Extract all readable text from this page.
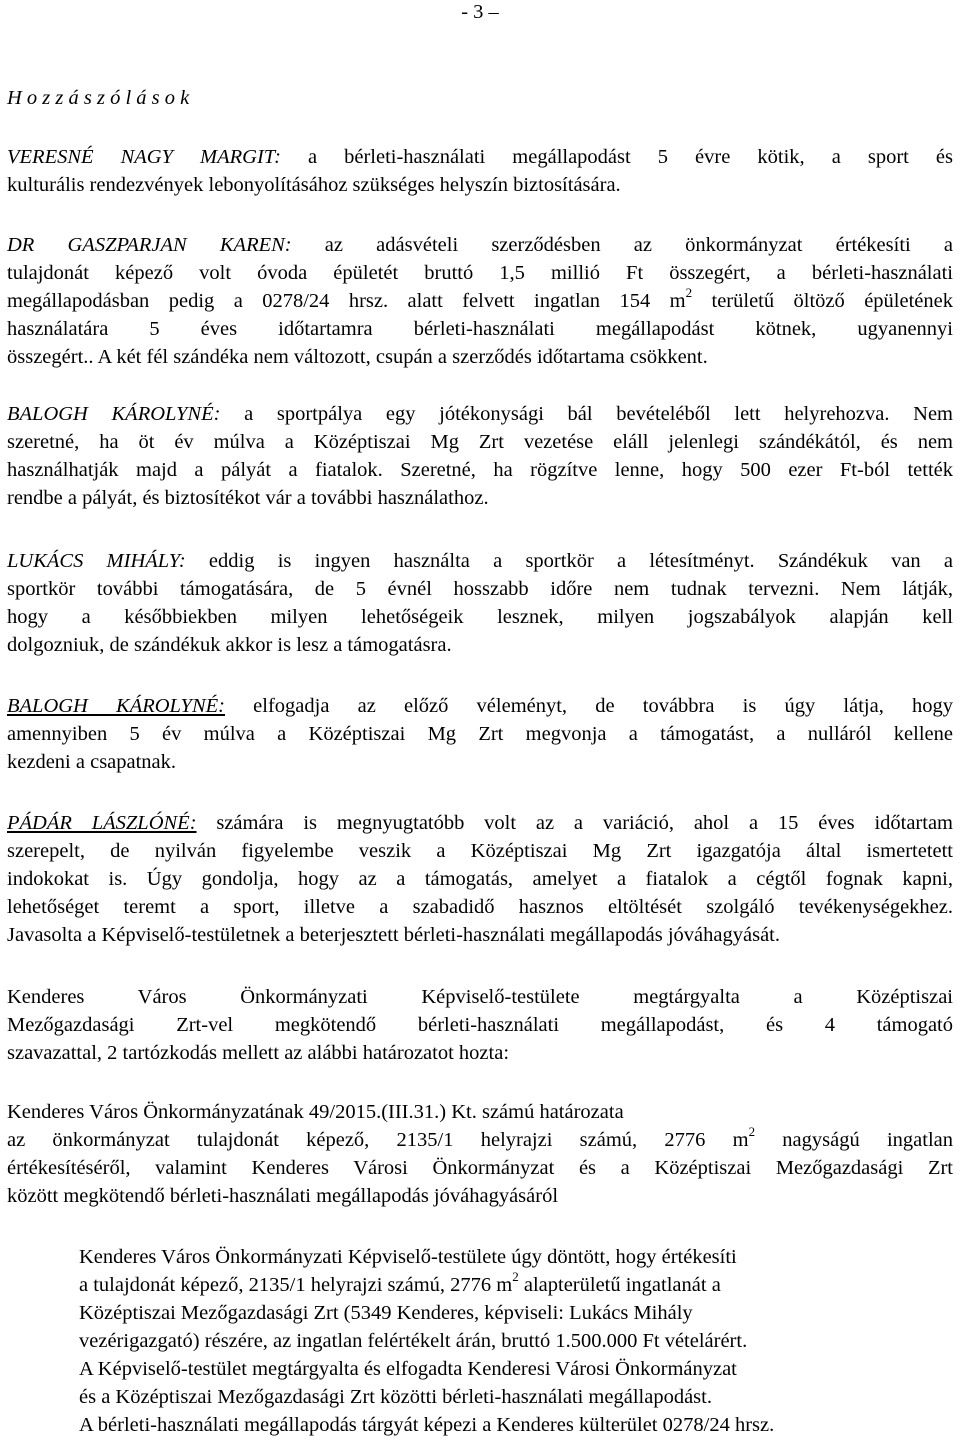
- 3 –
H o z z á s z ó l á s o k
VERESNÉ NAGY MARGIT: a bérleti-használati megállapodást 5 évre kötik, a sport és
kulturális rendezvények lebonyolításához szükséges helyszín biztosítására.
DR GASZPARJAN KAREN: az adásvételi szerződésben az önkormányzat értékesíti a
tulajdonát képező volt óvoda épületét bruttó 1,5 millió Ft összegért, a bérleti-használati
megállapodásban pedig a 0278/24 hrsz. alatt felvett ingatlan 154 $m^2$ területű öltöző épületének
használatára 5 éves időtartamra bérleti-használati megállapodást kötnek, ugyanennyi
összegért.. A két fél szándéka nem változott, csupán a szerződés időtartama csökkent.
BALOGH KÁROLYNÉ: a sportpálya egy jótékonysági bál bevételéből lett helyrehozva. Nem
szeretné, ha öt év múlva a Középtiszai Mg Zrt vezetése eláll jelenlegi szándékától, és nem
használhatják majd a pályát a fiatalok. Szeretné, ha rögzítve lenne, hogy 500 ezer Ft-ból tették
rendbe a pályát, és biztosítékot vár a további használathoz.
LUKÁCS MIHÁLY: eddig is ingyen használta a sportkör a létesítményt. Szándékuk van a
sportkör további támogatására, de 5 évnél hosszabb időre nem tudnak tervezni. Nem látják,
hogy a későbbiekben milyen lehetőségeik lesznek, milyen jogszabályok alapján kell
dolgozniuk, de szándékuk akkor is lesz a támogatásra.
BALOGH KÁROLYNÉ: elfogadja az előző véleményt, de továbbra is úgy látja, hogy
amennyiben 5 év múlva a Középtiszai Mg Zrt megvonja a támogatást, a nulláról kellene
kezdeni a csapatnak.
PÁDÁR LÁSZLÓNÉ: számára is megnyugtatóbb volt az a variáció, ahol a 15 éves időtartam
szerepelt, de nyilván figyelembe veszik a Középtiszai Mg Zrt igazgatója által ismertetett
indokokat is. Úgy gondolja, hogy az a támogatás, amelyet a fiatalok a cégtől fognak kapni,
lehetőséget teremt a sport, illetve a szabadidő hasznos eltöltését szolgáló tevékenységekhez.
Javasolta a Képviselő-testületnek a beterjesztett bérleti-használati megállapodás jóváhagyását.
Kenderes Város Önkormányzati Képviselő-testülete megtárgyalta a Középtiszai
Mezőgazdasági Zrt-vel megkötendő bérleti-használati megállapodást, és 4 támogató
szavazattal, 2 tartózkodás mellett az alábbi határozatot hozta:
Kenderes Város Önkormányzatának 49/2015.(III.31.) Kt. számú határozata
az önkormányzat tulajdonát képező, 2135/1 helyrajzi számú, 2776 $m^2$ nagyságú ingatlan
értékesítéséről, valamint Kenderes Városi Önkormányzat és a Középtiszai Mezőgazdasági Zrt
között megkötendő bérleti-használati megállapodás jóváhagyásáról
Kenderes Város Önkormányzati Képviselő-testülete úgy döntött, hogy értékesíti
a tulajdonát képező, 2135/1 helyrajzi számú, 2776 $m^2$ alapterületű ingatlanát a
Középtiszai Mezőgazdasági Zrt (5349 Kenderes, képviseli: Lukács Mihály
vezérigazgató) részére, az ingatlan felértékelt árán, bruttó 1.500.000 Ft vételárért.
A Képviselő-testület megtárgyalta és elfogadta Kenderesi Városi Önkormányzat
és a Középtiszai Mezőgazdasági Zrt közötti bérleti-használati megállapodást.
A bérleti-használati megállapodás tárgyát képezi a Kenderes külterület 0278/24 hrsz.
